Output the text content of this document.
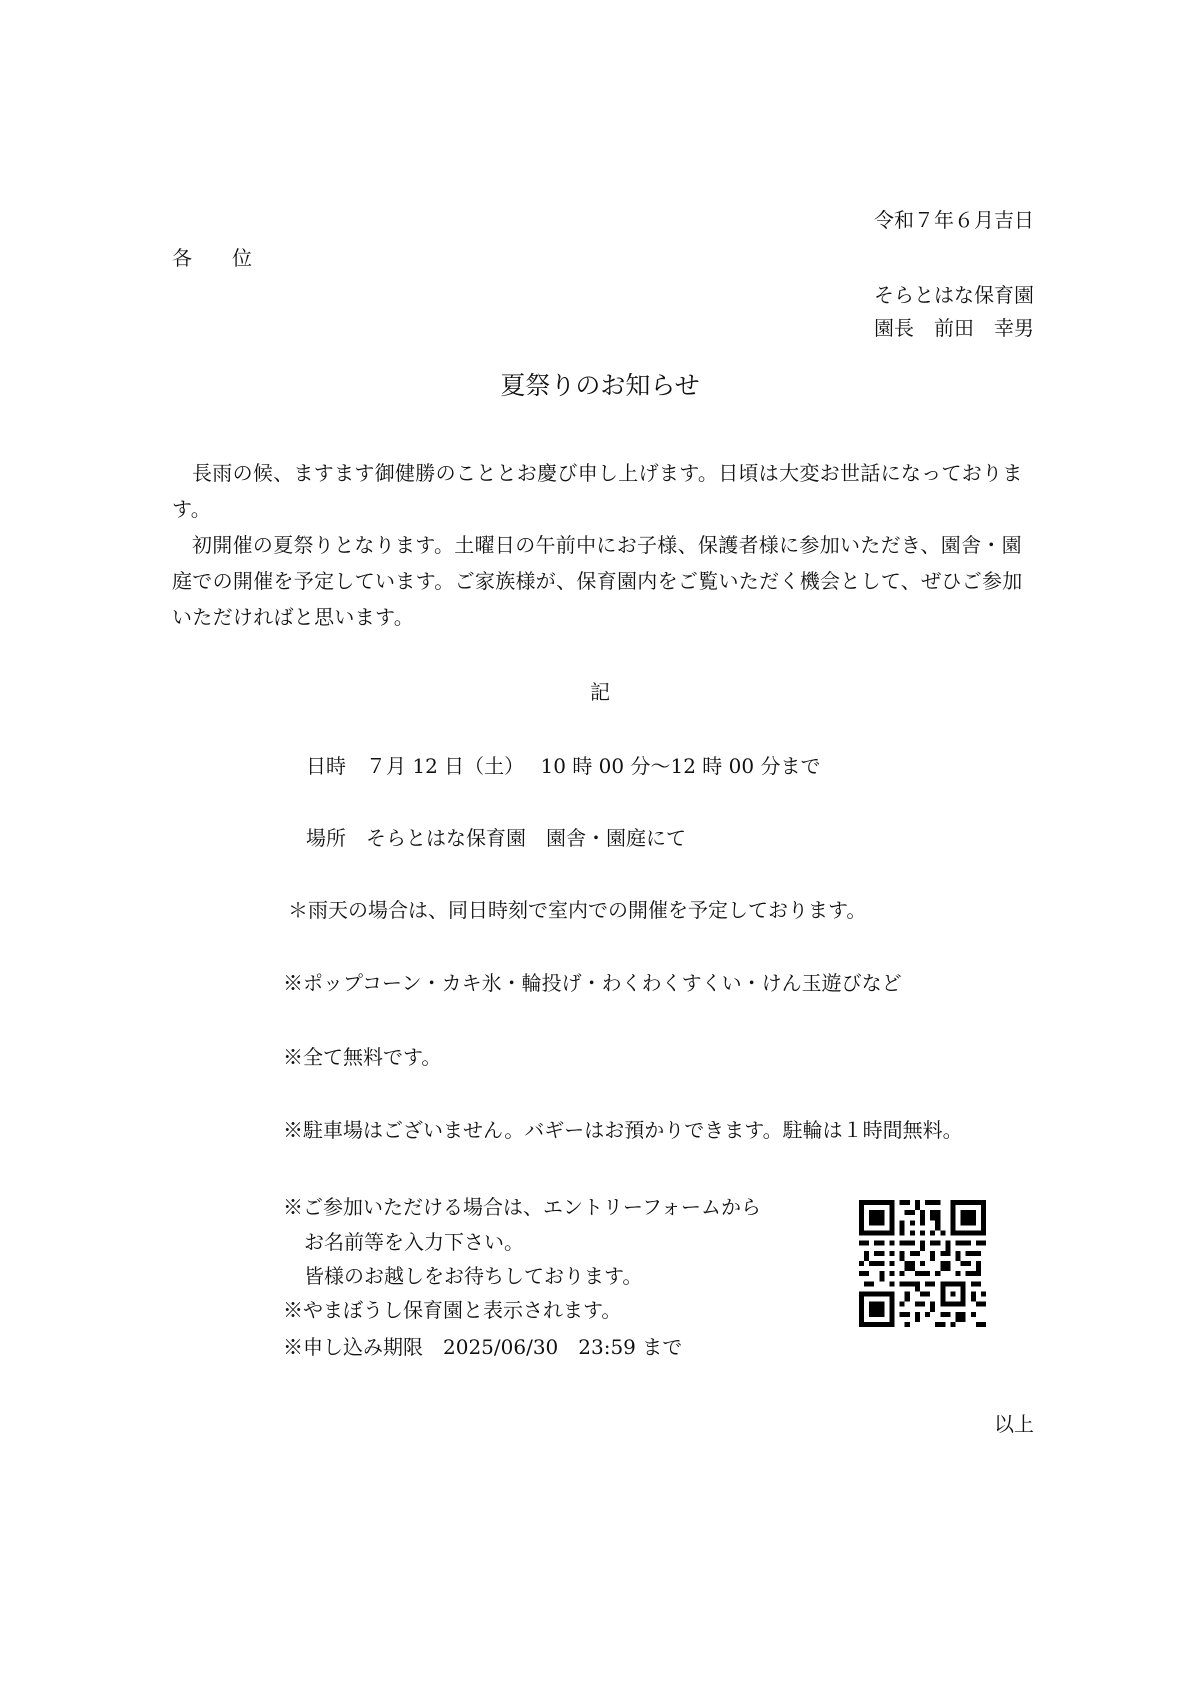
令和７年６月吉日
各　　位
そらとはな保育園
園長　前田　幸男
夏祭りのお知らせ

長雨の候、ますます御健勝のこととお慶び申し上げます。日頃は大変お世話になっております。

初開催の夏祭りとなります。土曜日の午前中にお子様、保護者様に参加いただき、園舎・園庭での開催を予定しています。ご家族様が、保育園内をご覧いただく機会として、ぜひご参加いただければと思います。

記
日時　７月 12 日（土）　 10 時 00 分〜12 時 00 分まで
場所　そらとはな保育園　園舎・園庭にて
＊雨天の場合は、同日時刻で室内での開催を予定しております。
※ポップコーン・カキ氷・輪投げ・わくわくすくい・けん玉遊びなど
※全て無料です。
※駐車場はございません。バギーはお預かりできます。駐輪は１時間無料。
※ご参加いただける場合は、エントリーフォームから
お名前等を入力下さい。
皆様のお越しをお待ちしております。
※やまぼうし保育園と表示されます。
※申し込み期限　2025/06/30　23:59 まで
以上
